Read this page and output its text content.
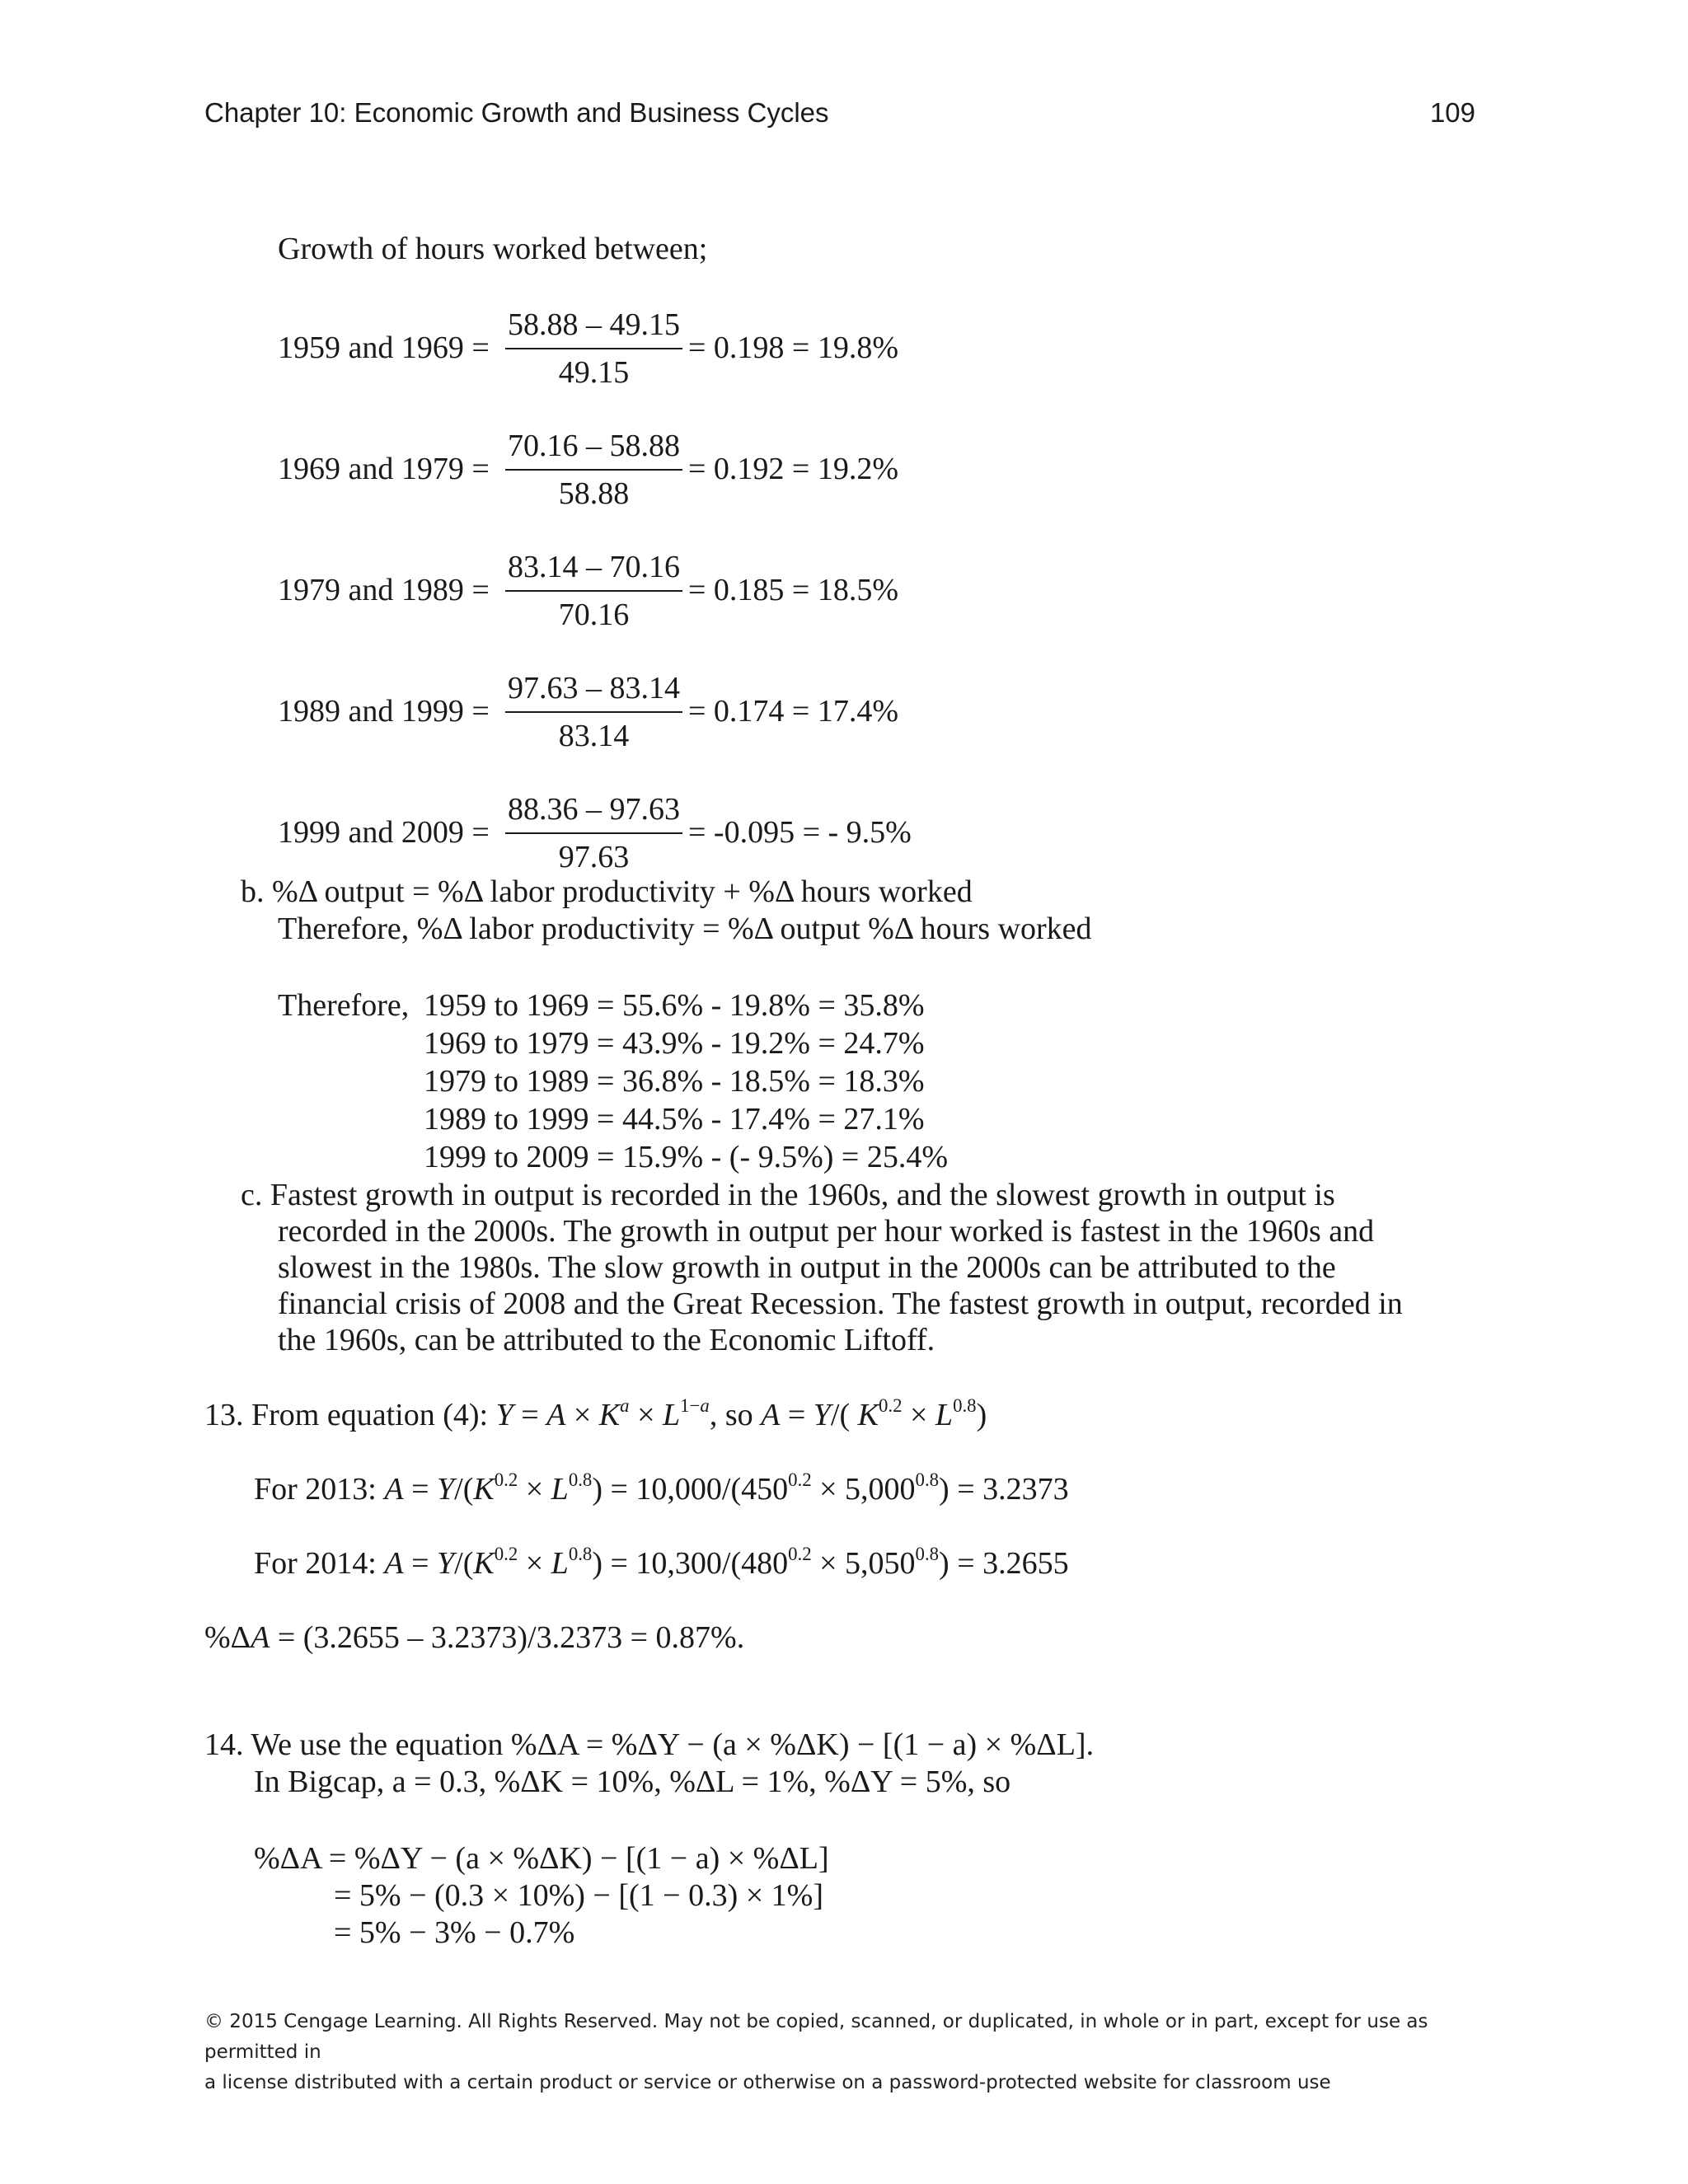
Chapter 10: Economic Growth and Business Cycles	109
Growth of hours worked between;
1959 and 1969 =
58.88 – 49.15
49.15
= 0.198 = 19.8%
1969 and 1979 =
70.16 – 58.88
58.88
= 0.192 = 19.2%
1979 and 1989 =
83.14 – 70.16
70.16
= 0.185 = 18.5%
1989 and 1999 =
97.63 – 83.14
83.14
= 0.174 = 17.4%
1999 and 2009 =
88.36 – 97.63
97.63
= -0.095 = - 9.5%
b. %Δ output = %Δ labor productivity + %Δ hours worked
Therefore, %Δ labor productivity = %Δ output %Δ hours worked
Therefore, 1959 to 1969 = 55.6% - 19.8% = 35.8%
1969 to 1979 = 43.9% - 19.2% = 24.7%
1979 to 1989 = 36.8% - 18.5% = 18.3%
1989 to 1999 = 44.5% - 17.4% = 27.1%
1999 to 2009 = 15.9% - (- 9.5%) = 25.4%
c. Fastest growth in output is recorded in the 1960s, and the slowest growth in output is
recorded in the 2000s. The growth in output per hour worked is fastest in the 1960s and
slowest in the 1980s. The slow growth in output in the 2000s can be attributed to the
financial crisis of 2008 and the Great Recession. The fastest growth in output, recorded in
the 1960s, can be attributed to the Economic Liftoff.
13. From equation (4): $Y = A \times K^a \times L^{1-a}$, so A = Y/( $K^{0.2} \times L^{0.8}$)
For 2013: $A = Y/(K^{0.2} \times L^{0.8}) = 10,000/(450^{0.2} \times 5,000^{0.8}) = 3.2373$
For 2014: $A = Y/(K^{0.2} \times L^{0.8}) = 10,300/(480^{0.2} \times 5,050^{0.8}) = 3.2655$
%ΔA = (3.2655 – 3.2373)/3.2373 = 0.87%.
14. We use the equation %ΔA = %ΔY − (a × %ΔK) − [(1 − a) × %ΔL].
In Bigcap, a = 0.3, %ΔK = 10%, %ΔL = 1%, %ΔY = 5%, so
%ΔA = %ΔY − (a × %ΔK) − [(1 − a) × %ΔL]
= 5% − (0.3 × 10%) − [(1 − 0.3) × 1%]
= 5% − 3% − 0.7%
© 2015 Cengage Learning. All Rights Reserved. May not be copied, scanned, or duplicated, in whole or in part, except for use as permitted in
a license distributed with a certain product or service or otherwise on a password-protected website for classroom use
